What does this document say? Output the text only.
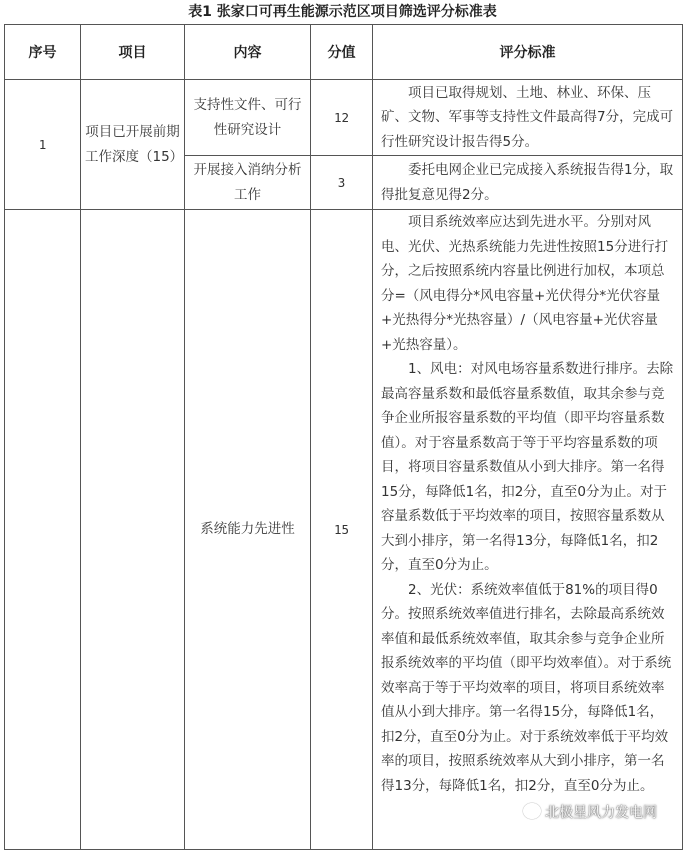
表1 张家口可再生能源示范区项目筛选评分标准表
序号	项目	内容	分值	评分标准
1	项目已开展前期工作深度（15）	支持性文件、可行性研究设计	12	项目已取得规划、土地、林业、环保、压矿、文物、军事等支持性文件最高得7分，完成可行性研究设计报告得5分。
		开展接入消纳分析工作	3	委托电网企业已完成接入系统报告得1分，取得批复意见得2分。
		系统能力先进性	15	项目系统效率应达到先进水平。分别对风电、光伏、光热系统能力先进性按照15分进行打分，之后按照系统内容量比例进行加权，本项总分=（风电得分*风电容量+光伏得分*光伏容量+光热得分*光热容量）/（风电容量+光伏容量+光热容量）。
1、风电：对风电场容量系数进行排序。去除最高容量系数和最低容量系数值，取其余参与竞争企业所报容量系数的平均值（即平均容量系数值）。对于容量系数高于等于平均容量系数的项目，将项目容量系数值从小到大排序。第一名得15分，每降低1名，扣2分，直至0分为止。对于容量系数低于平均效率的项目，按照容量系数从大到小排序，第一名得13分，每降低1名，扣2分，直至0分为止。
2、光伏：系统效率值低于81%的项目得0分。按照系统效率值进行排名，去除最高系统效率值和最低系统效率值，取其余参与竞争企业所报系统效率的平均值（即平均效率值）。对于系统效率高于等于平均效率的项目，将项目系统效率值从小到大排序。第一名得15分，每降低1名，扣2分，直至0分为止。对于系统效率低于平均效率的项目，按照系统效率从大到小排序，第一名得13分，每降低1名，扣2分，直至0分为止。
北极星风力发电网
